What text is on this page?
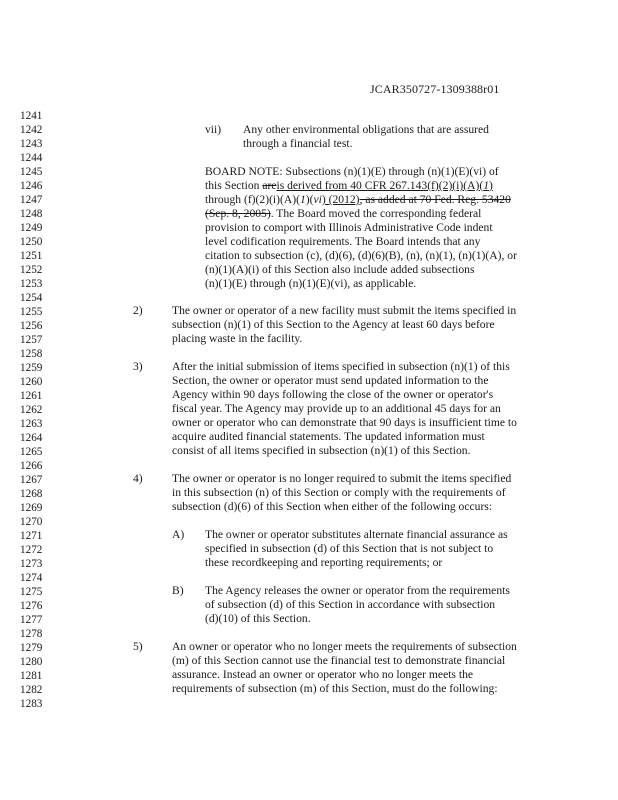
JCAR350727-1309388r01
1241
1242
1243
1244
1245
1246
1247
1248
1249
1250
1251
1252
1253
1254
1255
1256
1257
1258
1259
1260
1261
1262
1263
1264
1265
1266
1267
1268
1269
1270
1271
1272
1273
1274
1275
1276
1277
1278
1279
1280
1281
1282
1283
vii) Any other environmental obligations that are assured
through a financial test.
BOARD NOTE: Subsections (n)(1)(E) through (n)(1)(E)(vi) of
this Section areis derived from 40 CFR 267.143(f)(2)(i)(A)(1)
through (f)(2)(i)(A)(1)(vi) (2012), as added at 70 Fed. Reg. 53420
(Sep. 8, 2005). The Board moved the corresponding federal
provision to comport with Illinois Administrative Code indent
level codification requirements. The Board intends that any
citation to subsection (c), (d)(6), (d)(6)(B), (n), (n)(1), (n)(1)(A), or
(n)(1)(A)(i) of this Section also include added subsections
(n)(1)(E) through (n)(1)(E)(vi), as applicable.
2)	The owner or operator of a new facility must submit the items specified in
subsection (n)(1) of this Section to the Agency at least 60 days before
placing waste in the facility.
3)	After the initial submission of items specified in subsection (n)(1) of this
Section, the owner or operator must send updated information to the
Agency within 90 days following the close of the owner or operator's
fiscal year. The Agency may provide up to an additional 45 days for an
owner or operator who can demonstrate that 90 days is insufficient time to
acquire audited financial statements. The updated information must
consist of all items specified in subsection (n)(1) of this Section.
4)	The owner or operator is no longer required to submit the items specified
in this subsection (n) of this Section or comply with the requirements of
subsection (d)(6) of this Section when either of the following occurs:
A) The owner or operator substitutes alternate financial assurance as
specified in subsection (d) of this Section that is not subject to
these recordkeeping and reporting requirements; or
B) The Agency releases the owner or operator from the requirements
of subsection (d) of this Section in accordance with subsection
(d)(10) of this Section.
5)	An owner or operator who no longer meets the requirements of subsection
(m) of this Section cannot use the financial test to demonstrate financial
assurance. Instead an owner or operator who no longer meets the
requirements of subsection (m) of this Section, must do the following:
